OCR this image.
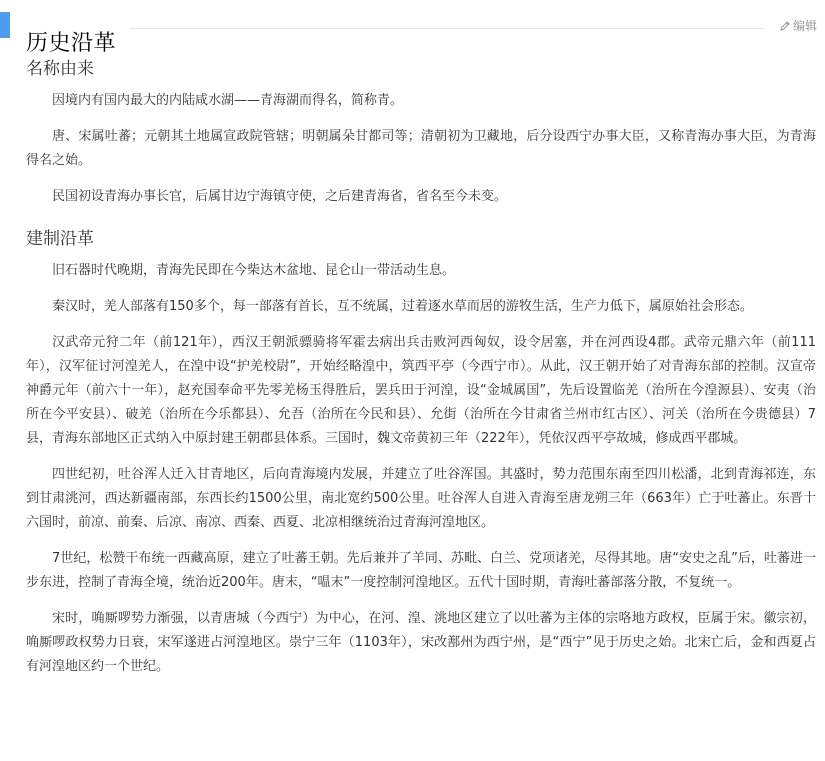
历史沿革
编辑
名称由来

因境内有国内最大的内陆咸水湖——青海湖而得名，简称青。

唐、宋属吐蕃；元朝其土地属宣政院管辖；明朝属朵甘都司等；清朝初为卫藏地，后分设西宁办事大臣，又称青海办事大臣，为青海得名之始。

民国初设青海办事长官，后属甘边宁海镇守使，之后建青海省，省名至今未变。

建制沿革

旧石器时代晚期，青海先民即在今柴达木盆地、昆仑山一带活动生息。

秦汉时，羌人部落有150多个，每一部落有首长，互不统属，过着逐水草而居的游牧生活，生产力低下，属原始社会形态。

汉武帝元狩二年（前121年），西汉王朝派骠骑将军霍去病出兵击败河西匈奴，设令居塞，并在河西设4郡。武帝元鼎六年（前111年），汉军征讨河湟羌人，在湟中设“护羌校尉”，开始经略湟中，筑西平亭（今西宁市）。从此，汉王朝开始了对青海东部的控制。汉宣帝神爵元年（前六十一年），赵充国奉命平先零羌杨玉得胜后，罢兵田于河湟，设“金城属国”，先后设置临羌（治所在今湟源县）、安夷（治所在今平安县）、破羌（治所在今乐都县）、允吾（治所在今民和县）、允街（治所在今甘肃省兰州市红古区）、河关（治所在今贵德县）7县，青海东部地区正式纳入中原封建王朝郡县体系。三国时，魏文帝黄初三年（222年），凭依汉西平亭故城，修成西平郡城。

四世纪初，吐谷浑人迁入甘青地区，后向青海境内发展，并建立了吐谷浑国。其盛时，势力范围东南至四川松潘，北到青海祁连，东到甘肃洮河，西达新疆南部，东西长约1500公里，南北宽约500公里。吐谷浑人自进入青海至唐龙朔三年（663年）亡于吐蕃止。东晋十六国时，前凉、前秦、后凉、南凉、西秦、西夏、北凉相继统治过青海河湟地区。

7世纪，松赞干布统一西藏高原，建立了吐蕃王朝。先后兼并了羊同、苏毗、白兰、党项诸羌，尽得其地。唐“安史之乱”后，吐蕃进一步东进，控制了青海全境，统治近200年。唐末，“嗢末”一度控制河湟地区。五代十国时期，青海吐蕃部落分散，不复统一。

宋时，唃厮啰势力渐强，以青唐城（今西宁）为中心，在河、湟、洮地区建立了以吐蕃为主体的宗咯地方政权，臣属于宋。徽宗初，唃厮啰政权势力日衰，宋军遂进占河湟地区。崇宁三年（1103年），宋改鄯州为西宁州，是“西宁”见于历史之始。北宋亡后，金和西夏占有河湟地区约一个世纪。
